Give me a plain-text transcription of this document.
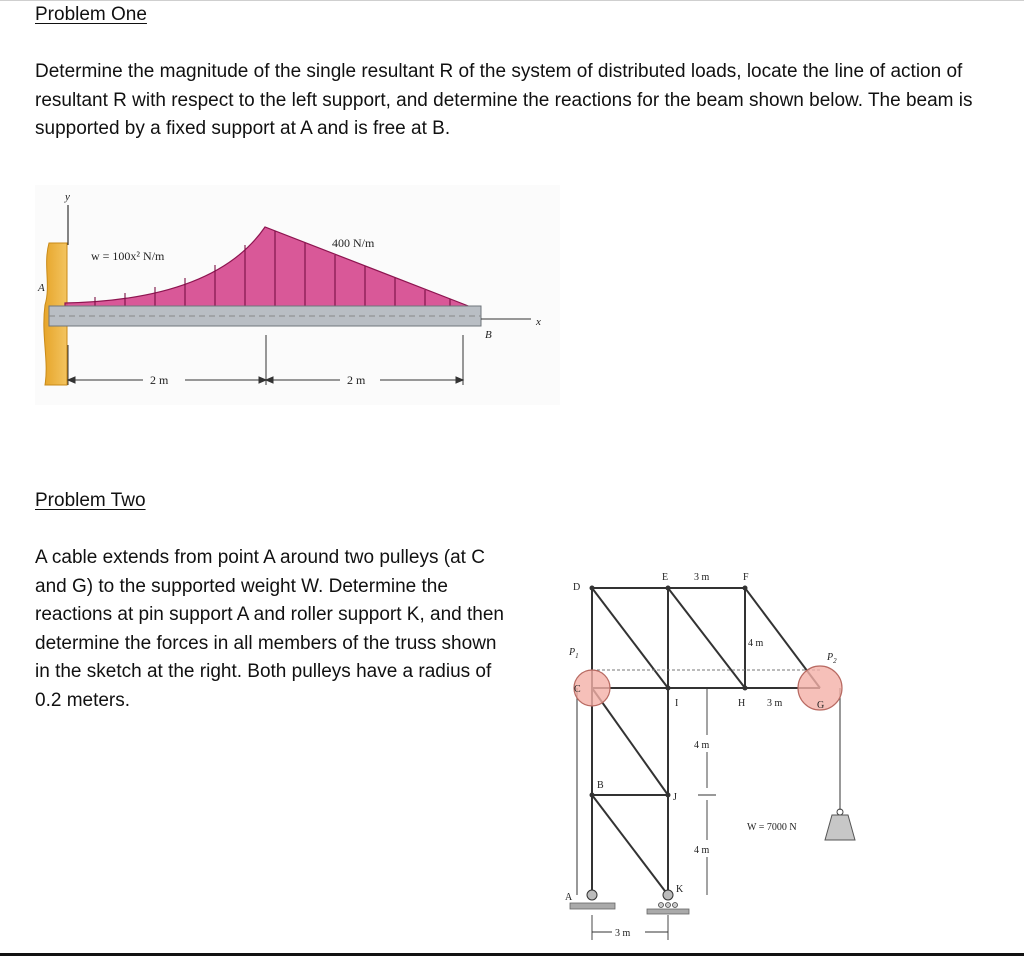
Problem One

Determine the magnitude of the single resultant R of the system of distributed loads, locate the line of action of resultant R with respect to the left support, and determine the reactions for the beam shown below. The beam is supported by a fixed support at A and is free at B.

y
w = 100x² N/m
400 N/m
A
x
B
2 m	2 m
Problem Two

A cable extends from point A around two pulleys (at C and G) to the supported weight W. Determine the reactions at pin support A and roller support K, and then determine the forces in all members of the truss shown in the sketch at the right. Both pulleys have a radius of 0.2 meters.

D
E	F
C
I	H	G
B
J
K
A
$P_1$	$P_2$
3 m
4 m
3 m
4 m
4 m
3 m
W = 7000 N
